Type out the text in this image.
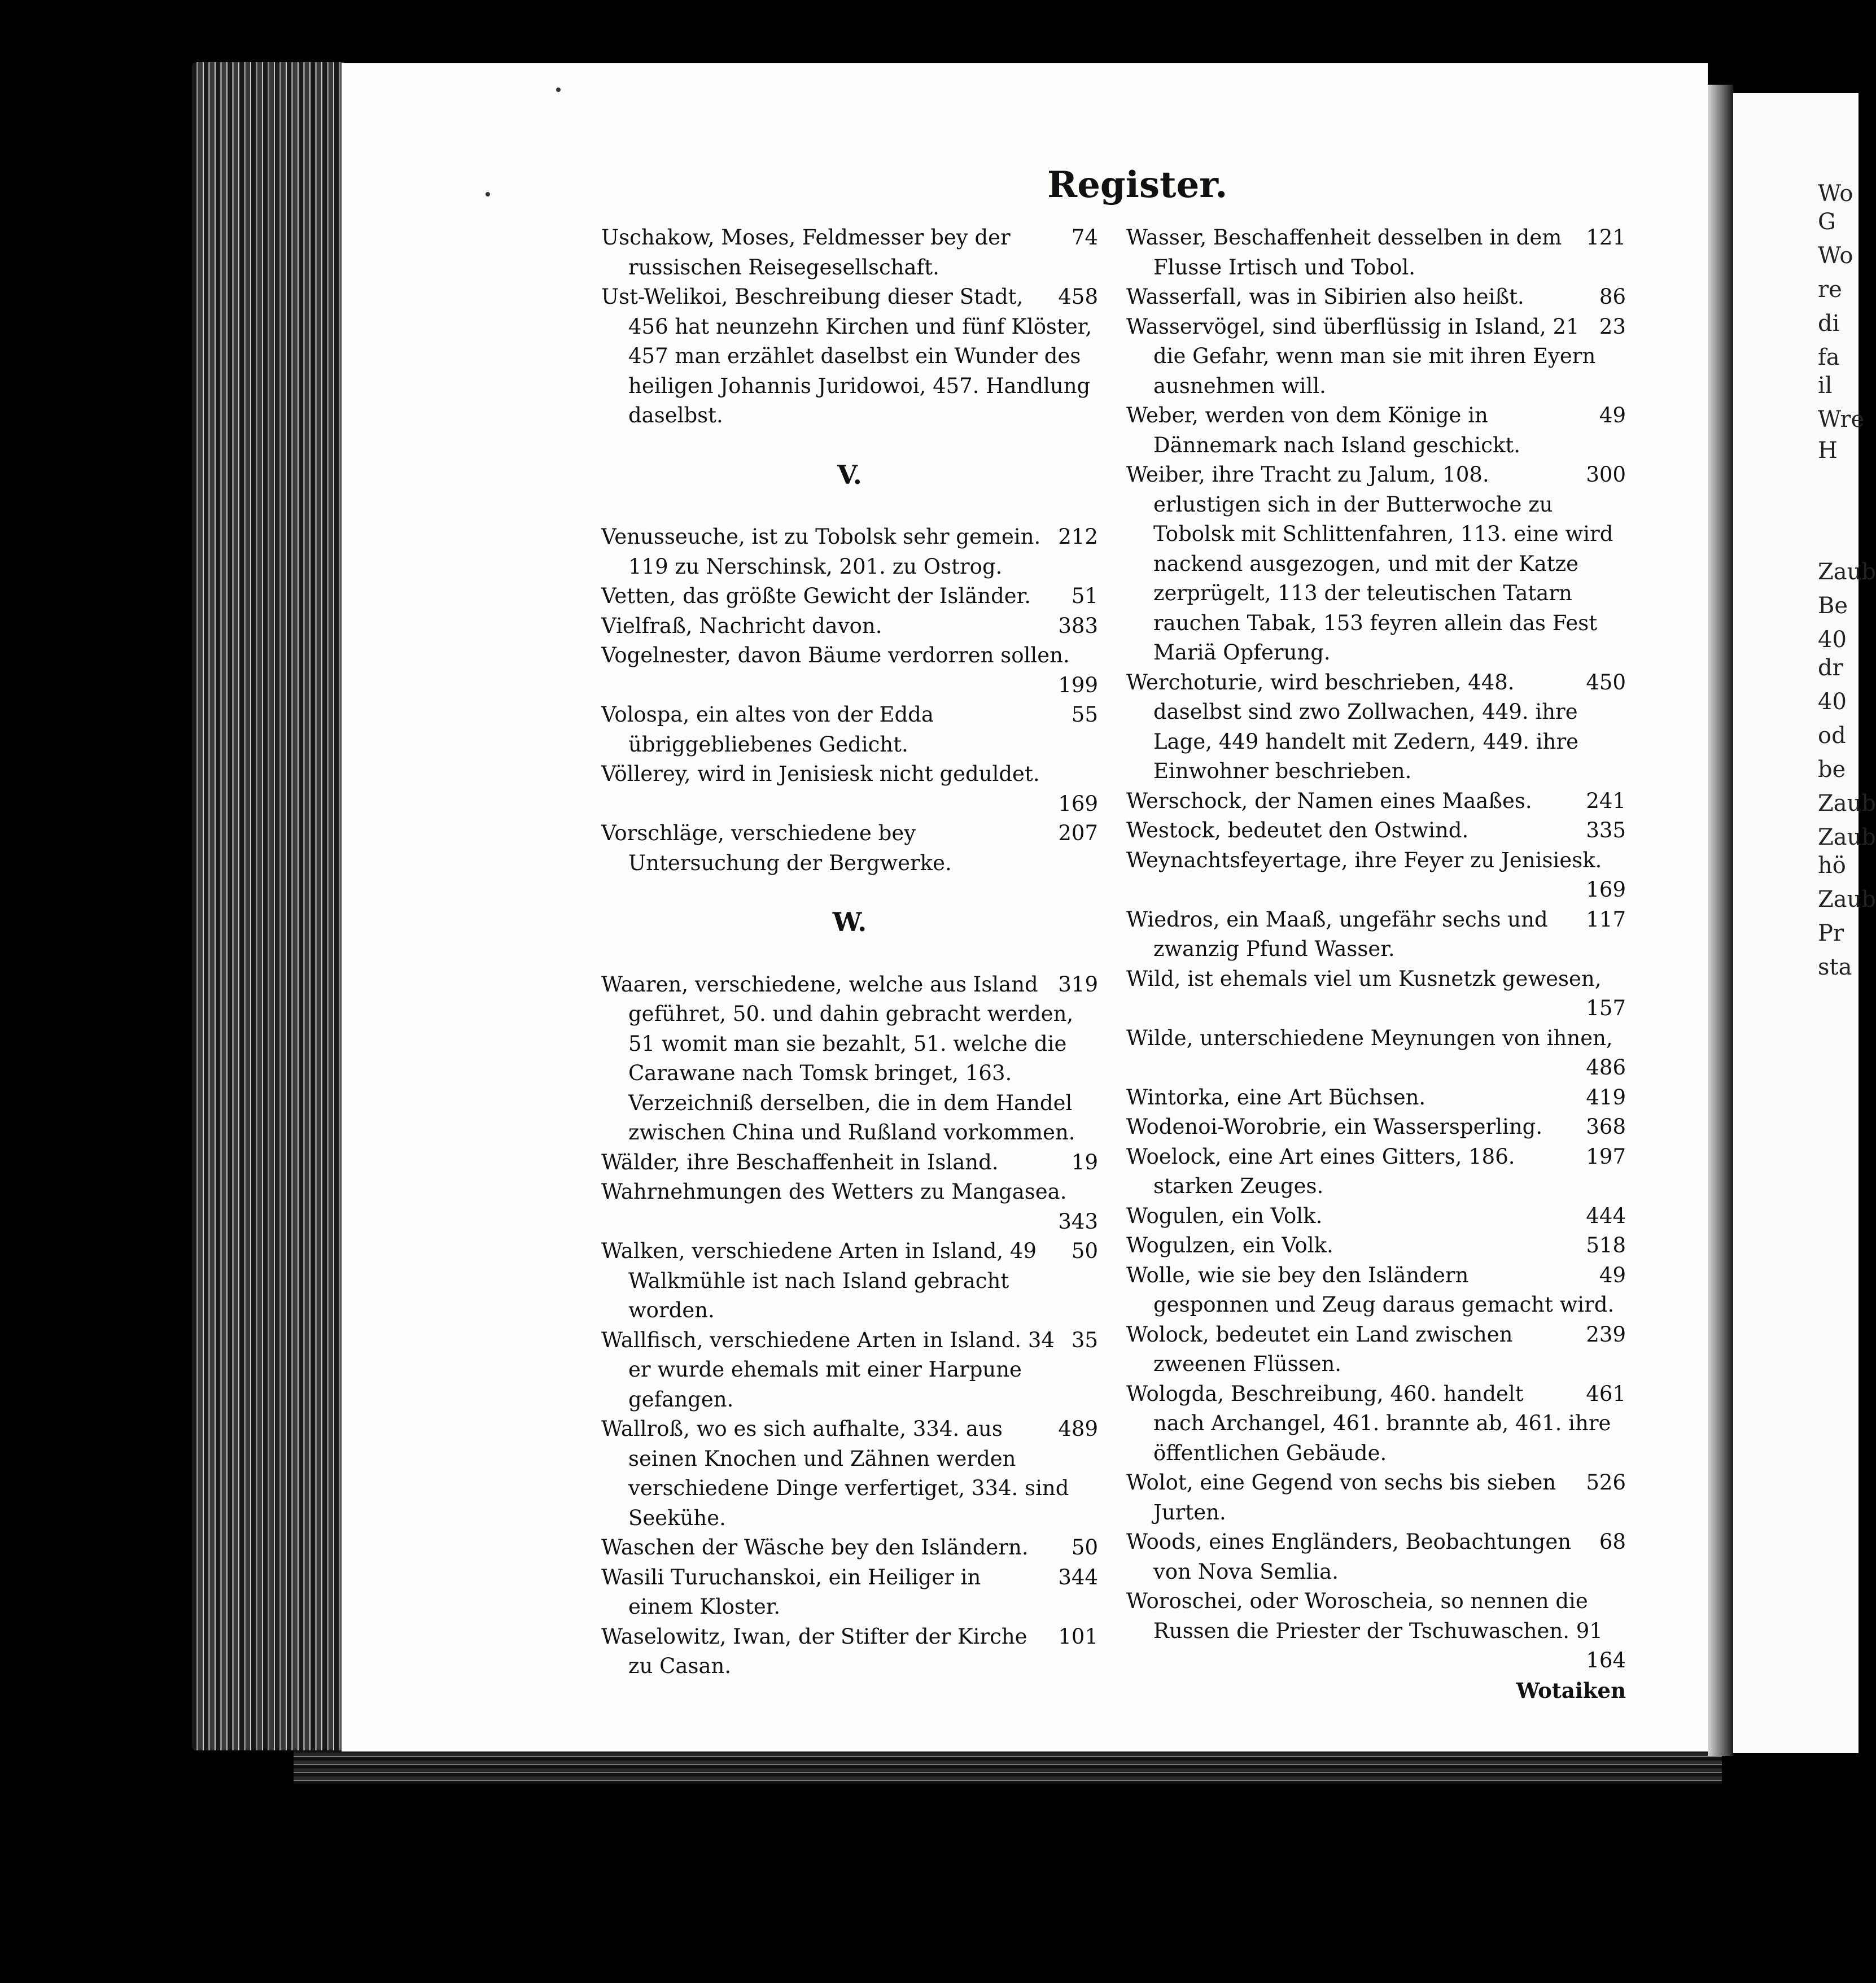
Wo
G
Wo
re
di
fa
il
Wre
H
Zaub
Be
40
dr
40
od
be
Zaub
Zaub
hö
Zaub
Pr
sta
Register.

74
Uschakow, Moses, Feldmesser bey der russischen Reisegesellschaft.

458
Ust-Welikoi, Beschreibung dieser Stadt, 456 hat neunzehn Kirchen und fünf Klöster, 457 man erzählet daselbst ein Wunder des heiligen Johannis Juridowoi, 457. Handlung daselbst.

V.

212
Venusseuche, ist zu Tobolsk sehr gemein. 119 zu Nerschinsk, 201. zu Ostrog.

51
Vetten, das größte Gewicht der Isländer.

383
Vielfraß, Nachricht davon.

Vogelnester, davon Bäume verdorren sollen.

199

55
Volospa, ein altes von der Edda übriggebliebenes Gedicht.

Völlerey, wird in Jenisiesk nicht geduldet.

169

207
Vorschläge, verschiedene bey Untersuchung der Bergwerke.

W.

319
Waaren, verschiedene, welche aus Island geführet, 50. und dahin gebracht werden, 51 womit man sie bezahlt, 51. welche die Carawane nach Tomsk bringet, 163. Verzeichniß derselben, die in dem Handel zwischen China und Rußland vorkommen.

19
Wälder, ihre Beschaffenheit in Island.

Wahrnehmungen des Wetters zu Mangasea.

343

50
Walken, verschiedene Arten in Island, 49 Walkmühle ist nach Island gebracht worden.

35
Wallfisch, verschiedene Arten in Island. 34 er wurde ehemals mit einer Harpune gefangen.

489
Wallroß, wo es sich aufhalte, 334. aus seinen Knochen und Zähnen werden verschiedene Dinge verfertiget, 334. sind Seekühe.

50
Waschen der Wäsche bey den Isländern.

344
Wasili Turuchanskoi, ein Heiliger in einem Kloster.

101
Waselowitz, Iwan, der Stifter der Kirche zu Casan.

121
Wasser, Beschaffenheit desselben in dem Flusse Irtisch und Tobol.

86
Wasserfall, was in Sibirien also heißt.

23
Wasservögel, sind überflüssig in Island, 21 die Gefahr, wenn man sie mit ihren Eyern ausnehmen will.

49
Weber, werden von dem Könige in Dännemark nach Island geschickt.

300
Weiber, ihre Tracht zu Jalum, 108. erlustigen sich in der Butterwoche zu Tobolsk mit Schlittenfahren, 113. eine wird nackend ausgezogen, und mit der Katze zerprügelt, 113 der teleutischen Tatarn rauchen Tabak, 153 feyren allein das Fest Mariä Opferung.

450
Werchoturie, wird beschrieben, 448. daselbst sind zwo Zollwachen, 449. ihre Lage, 449 handelt mit Zedern, 449. ihre Einwohner beschrieben.

241
Werschock, der Namen eines Maaßes.

335
Westock, bedeutet den Ostwind.

Weynachtsfeyertage, ihre Feyer zu Jenisiesk.

169

117
Wiedros, ein Maaß, ungefähr sechs und zwanzig Pfund Wasser.

Wild, ist ehemals viel um Kusnetzk gewesen,

157

Wilde, unterschiedene Meynungen von ihnen,

486

419
Wintorka, eine Art Büchsen.

368
Wodenoi-Worobrie, ein Wassersperling.

197
Woelock, eine Art eines Gitters, 186. starken Zeuges.

444
Wogulen, ein Volk.

518
Wogulzen, ein Volk.

49
Wolle, wie sie bey den Isländern gesponnen und Zeug daraus gemacht wird.

239
Wolock, bedeutet ein Land zwischen zweenen Flüssen.

461
Wologda, Beschreibung, 460. handelt nach Archangel, 461. brannte ab, 461. ihre öffentlichen Gebäude.

526
Wolot, eine Gegend von sechs bis sieben Jurten.

68
Woods, eines Engländers, Beobachtungen von Nova Semlia.

Woroschei, oder Woroscheia, so nennen die Russen die Priester der Tschuwaschen. 91

164
Wotaiken
